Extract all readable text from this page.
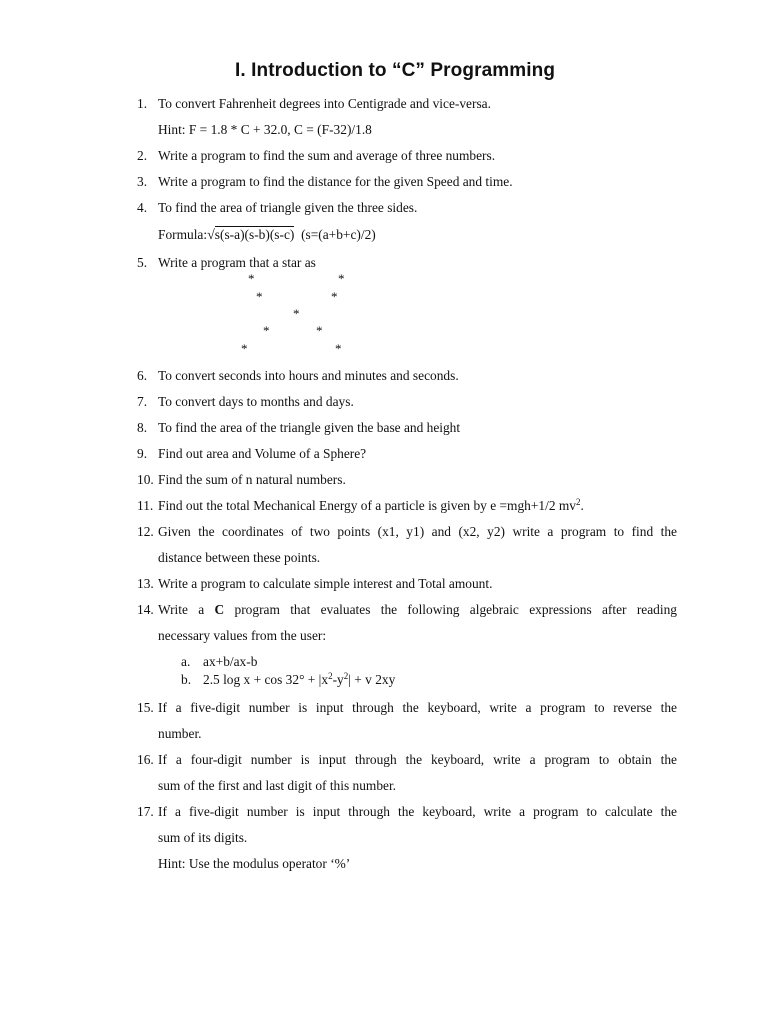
I. Introduction to “C” Programming
1. To convert Fahrenheit degrees into Centigrade and vice-versa.
Hint: F = 1.8 * C + 32.0, C = (F-32)/1.8
2. Write a program to find the sum and average of three numbers.
3. Write a program to find the distance for the given Speed and time.
4. To find the area of triangle given the three sides.
Formula:√s(s-a)(s-b)(s-c) (s=(a+b+c)/2)
5. Write a program that a star as
*	*
*	*
*
*	*
*	*
6. To convert seconds into hours and minutes and seconds.
7. To convert days to months and days.
8. To find the area of the triangle given the base and height
9. Find out area and Volume of a Sphere?
10. Find the sum of n natural numbers.
11. Find out the total Mechanical Energy of a particle is given by e =mgh+1/2 $mv^2$.
12. Given the coordinates of two points (x1, y1) and (x2, y2) write a program to find the
distance between these points.
13. Write a program to calculate simple interest and Total amount.
14. Write a C program that evaluates the following algebraic expressions after reading
necessary values from the user:
a. ax+b/ax-b
b. 2.5 $\log x + \cos 32^\circ + |x^2-y^2| + v$ 2xy
15. If a five-digit number is input through the keyboard, write a program to reverse the
number.
16. If a four-digit number is input through the keyboard, write a program to obtain the
sum of the first and last digit of this number.
17. If a five-digit number is input through the keyboard, write a program to calculate the
sum of its digits.
Hint: Use the modulus operator ‘%’
